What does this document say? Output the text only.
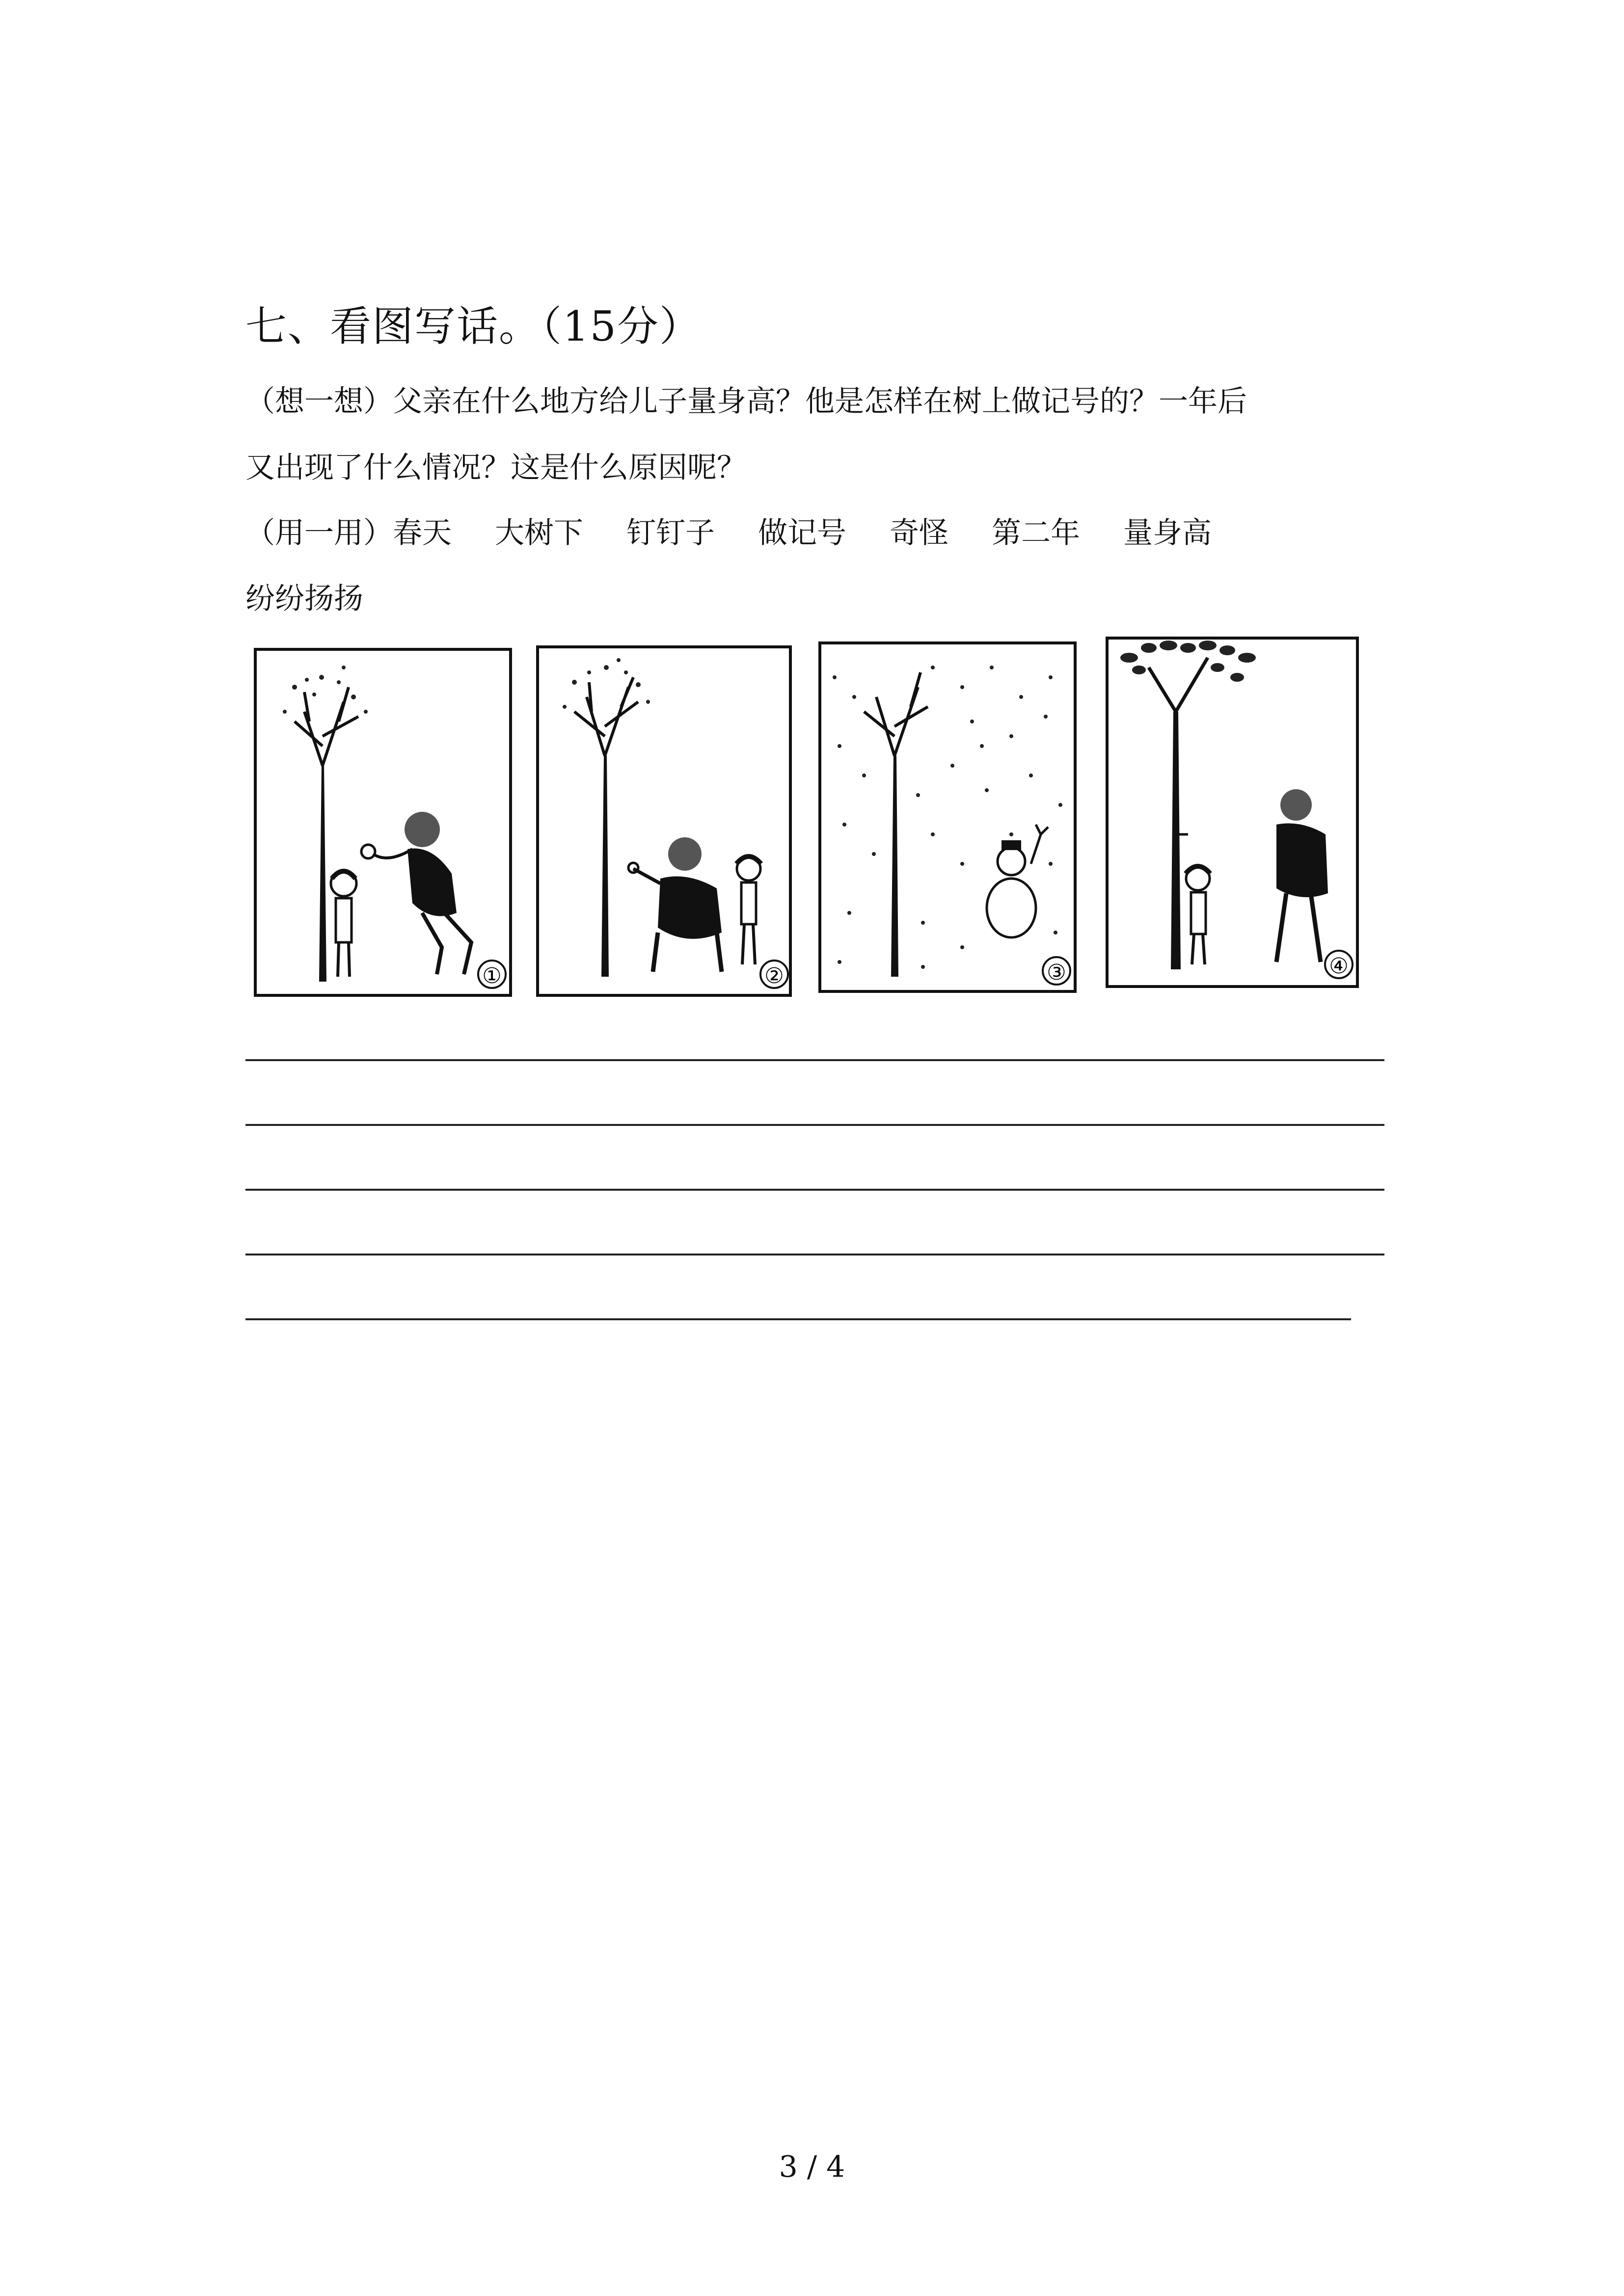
七、看图写话。（15分）
（想一想）父亲在什么地方给儿子量身高？他是怎样在树上做记号的？一年后
又出现了什么情况？这是什么原因呢？
（用一用） 春天 大树下 钉钉子 做记号 奇怪 第二年 量身高
纷纷扬扬
①	②	③	④
3 / 4
